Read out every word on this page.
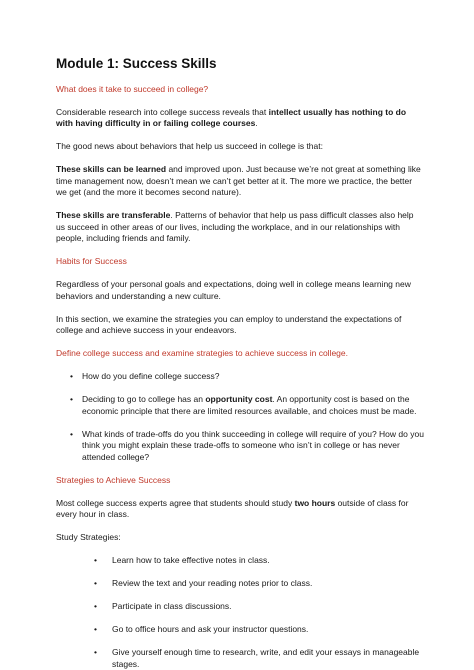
Module 1: Success Skills

What does it take to succeed in college?

Considerable research into college success reveals that intellect usually has nothing to do with having difficulty in or failing college courses.

The good news about behaviors that help us succeed in college is that:

These skills can be learned and improved upon. Just because we’re not great at something like time management now, doesn’t mean we can’t get better at it. The more we practice, the better we get (and the more it becomes second nature).

These skills are transferable. Patterns of behavior that help us pass difficult classes also help us succeed in other areas of our lives, including the workplace, and in our relationships with people, including friends and family.

Habits for Success

Regardless of your personal goals and expectations, doing well in college means learning new behaviors and understanding a new culture.

In this section, we examine the strategies you can employ to understand the expectations of college and achieve success in your endeavors.

Define college success and examine strategies to achieve success in college.

• How do you define college success?
• Deciding to go to college has an opportunity cost. An opportunity cost is based on the economic principle that there are limited resources available, and choices must be made.
• What kinds of trade-offs do you think succeeding in college will require of you? How do you think you might explain these trade-offs to someone who isn’t in college or has never attended college?

Strategies to Achieve Success

Most college success experts agree that students should study two hours outside of class for every hour in class.

Study Strategies:

• Learn how to take effective notes in class.
• Review the text and your reading notes prior to class.
• Participate in class discussions.
• Go to office hours and ask your instructor questions.
• Give yourself enough time to research, write, and edit your essays in manageable stages.
